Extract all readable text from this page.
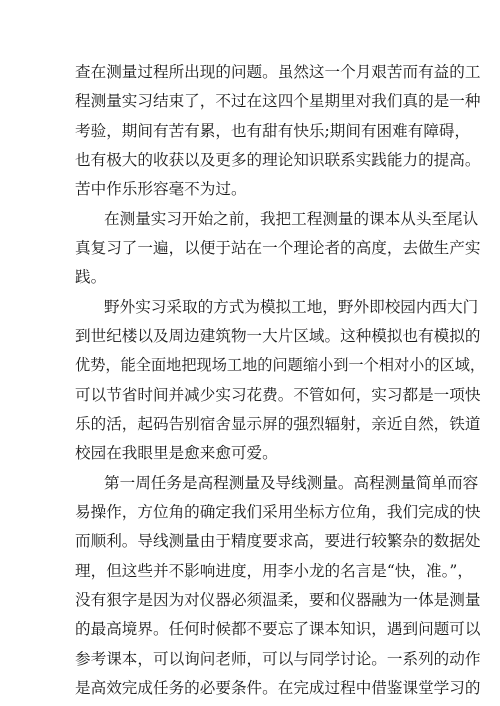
查在测量过程所出现的问题。虽然这一个月艰苦而有益的工
程测量实习结束了，不过在这四个星期里对我们真的是一种
考验，期间有苦有累，也有甜有快乐;期间有困难有障碍，
也有极大的收获以及更多的理论知识联系实践能力的提高。
苦中作乐形容毫不为过。
在测量实习开始之前，我把工程测量的课本从头至尾认
真复习了一遍，以便于站在一个理论者的高度，去做生产实
践。
野外实习采取的方式为模拟工地，野外即校园内西大门
到世纪楼以及周边建筑物一大片区域。这种模拟也有模拟的
优势，能全面地把现场工地的问题缩小到一个相对小的区域，
可以节省时间并减少实习花费。不管如何，实习都是一项快
乐的活，起码告别宿舍显示屏的强烈辐射，亲近自然，铁道
校园在我眼里是愈来愈可爱。
第一周任务是高程测量及导线测量。高程测量简单而容
易操作，方位角的确定我们采用坐标方位角，我们完成的快
而顺利。导线测量由于精度要求高，要进行较繁杂的数据处
理，但这些并不影响进度，用李小龙的名言是“快，准。”，
没有狠字是因为对仪器必须温柔，要和仪器融为一体是测量
的最高境界。任何时候都不要忘了课本知识，遇到问题可以
参考课本，可以询问老师，可以与同学讨论。一系列的动作
是高效完成任务的必要条件。在完成过程中借鉴课堂学习的
